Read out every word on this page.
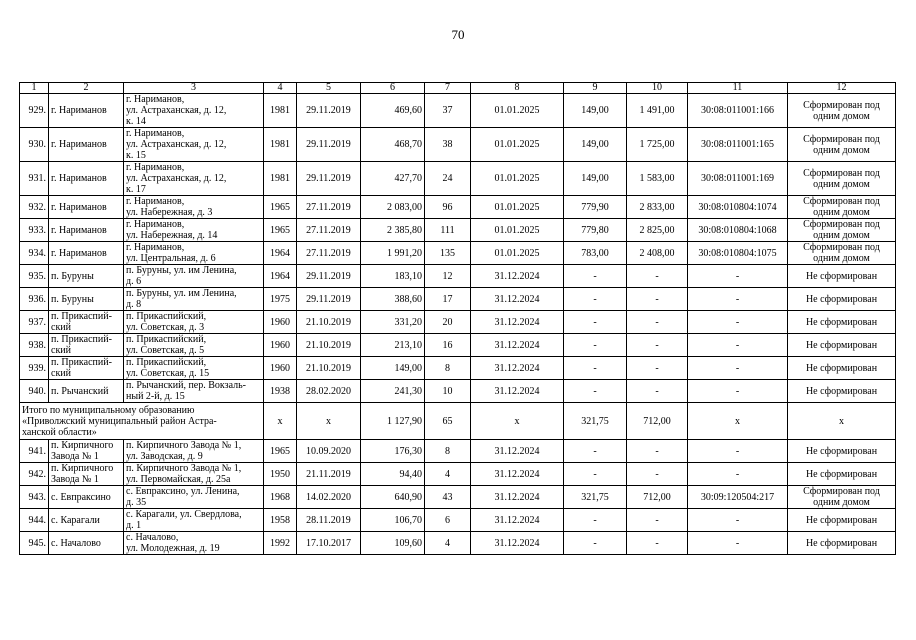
70
1	2	3	4	5	6	7	8	9	10	11	12
929.	г. Нариманов	г. Нариманов,
ул. Астраханская, д. 12,
к. 14	1981	29.11.2019	469,60	37	01.01.2025	149,00	1 491,00	30:08:011001:166	Сформирован под
одним домом
930.	г. Нариманов	г. Нариманов,
ул. Астраханская, д. 12,
к. 15	1981	29.11.2019	468,70	38	01.01.2025	149,00	1 725,00	30:08:011001:165	Сформирован под
одним домом
931.	г. Нариманов	г. Нариманов,
ул. Астраханская, д. 12,
к. 17	1981	29.11.2019	427,70	24	01.01.2025	149,00	1 583,00	30:08:011001:169	Сформирован под
одним домом
932.	г. Нариманов	г. Нариманов,
ул. Набережная, д. 3	1965	27.11.2019	2 083,00	96	01.01.2025	779,90	2 833,00	30:08:010804:1074	Сформирован под
одним домом
933.	г. Нариманов	г. Нариманов,
ул. Набережная, д. 14	1965	27.11.2019	2 385,80	111	01.01.2025	779,80	2 825,00	30:08:010804:1068	Сформирован под
одним домом
934.	г. Нариманов	г. Нариманов,
ул. Центральная, д. 6	1964	27.11.2019	1 991,20	135	01.01.2025	783,00	2 408,00	30:08:010804:1075	Сформирован под
одним домом
935.	п. Буруны	п. Буруны, ул. им Ленина,
д. 6	1964	29.11.2019	183,10	12	31.12.2024	-	-	-	Не сформирован
936.	п. Буруны	п. Буруны, ул. им Ленина,
д. 8	1975	29.11.2019	388,60	17	31.12.2024	-	-	-	Не сформирован
937.	п. Прикаспий-
ский	п. Прикаспийский,
ул. Советская, д. 3	1960	21.10.2019	331,20	20	31.12.2024	-	-	-	Не сформирован
938.	п. Прикаспий-
ский	п. Прикаспийский,
ул. Советская, д. 5	1960	21.10.2019	213,10	16	31.12.2024	-	-	-	Не сформирован
939.	п. Прикаспий-
ский	п. Прикаспийский,
ул. Советская, д. 15	1960	21.10.2019	149,00	8	31.12.2024	-	-	-	Не сформирован
940.	п. Рычанский	п. Рычанский, пер. Вокзаль-
ный 2-й, д. 15	1938	28.02.2020	241,30	10	31.12.2024	-	-	-	Не сформирован
Итого по муниципальному образованию
«Приволжский муниципальный район Астра-
ханской области»			x	x	1 127,90	65	x	321,75	712,00	x	x
941.	п. Кирпичного
Завода № 1	п. Кирпичного Завода № 1,
ул. Заводская, д. 9	1965	10.09.2020	176,30	8	31.12.2024	-	-	-	Не сформирован
942.	п. Кирпичного
Завода № 1	п. Кирпичного Завода № 1,
ул. Первомайская, д. 25а	1950	21.11.2019	94,40	4	31.12.2024	-	-	-	Не сформирован
943.	с. Евпраксино	с. Евпраксино, ул. Ленина,
д. 35	1968	14.02.2020	640,90	43	31.12.2024	321,75	712,00	30:09:120504:217	Сформирован под
одним домом
944.	с. Карагали	с. Карагали, ул. Свердлова,
д. 1	1958	28.11.2019	106,70	6	31.12.2024	-	-	-	Не сформирован
945.	с. Началово	с. Началово,
ул. Молодежная, д. 19	1992	17.10.2017	109,60	4	31.12.2024	-	-	-	Не сформирован
